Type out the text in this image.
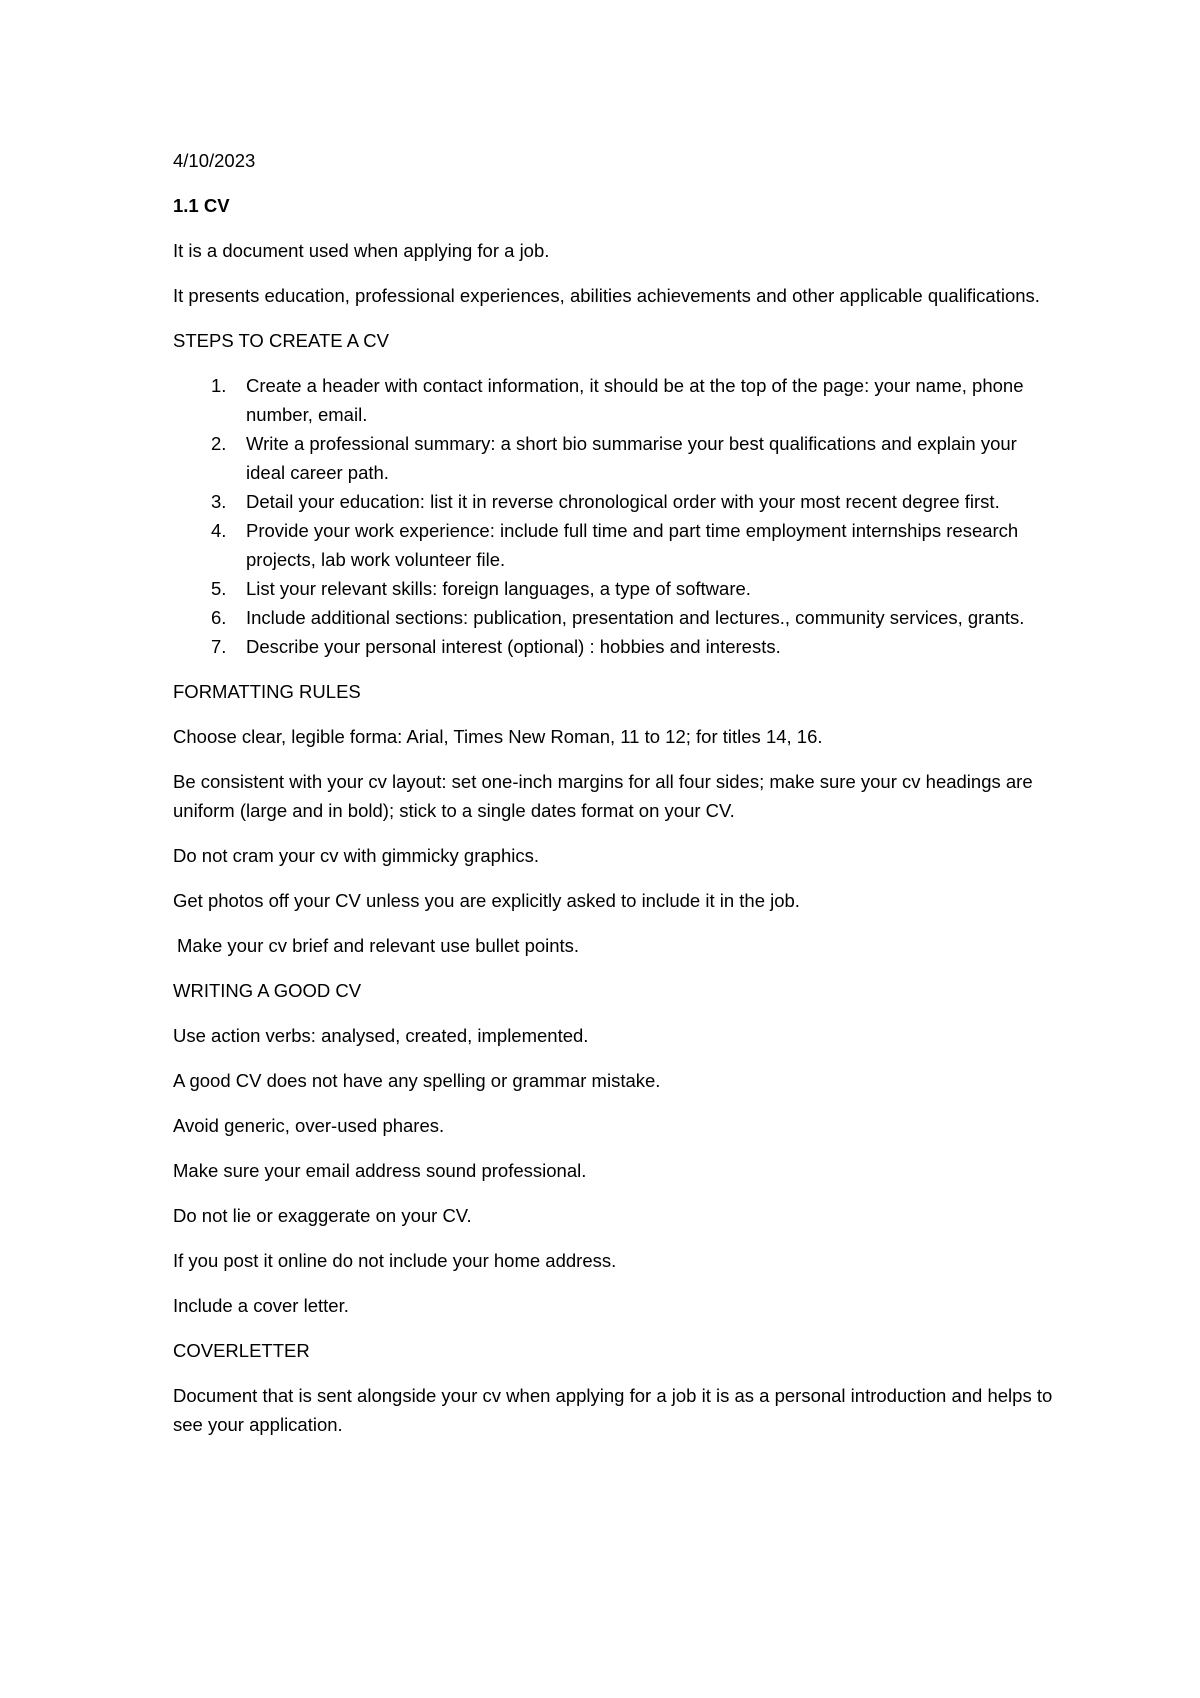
4/10/2023

1.1 CV

It is a document used when applying for a job.

It presents education, professional experiences, abilities achievements and other applicable qualifications.

STEPS TO CREATE A CV

1. Create a header with contact information, it should be at the top of the page: your name, phone number, email.
2. Write a professional summary: a short bio summarise your best qualifications and explain your ideal career path.
3. Detail your education: list it in reverse chronological order with your most recent degree first.
4. Provide your work experience: include full time and part time employment internships research projects, lab work volunteer file.
5. List your relevant skills: foreign languages, a type of software.
6. Include additional sections: publication, presentation and lectures., community services, grants.
7. Describe your personal interest (optional) : hobbies and interests.

FORMATTING RULES

Choose clear, legible forma: Arial, Times New Roman, 11 to 12; for titles 14, 16.

Be consistent with your cv layout: set one-inch margins for all four sides; make sure your cv headings are uniform (large and in bold); stick to a single dates format on your CV.

Do not cram your cv with gimmicky graphics.

Get photos off your CV unless you are explicitly asked to include it in the job.

Make your cv brief and relevant use bullet points.

WRITING A GOOD CV

Use action verbs: analysed, created, implemented.

A good CV does not have any spelling or grammar mistake.

Avoid generic, over-used phares.

Make sure your email address sound professional.

Do not lie or exaggerate on your CV.

If you post it online do not include your home address.

Include a cover letter.

COVERLETTER

Document that is sent alongside your cv when applying for a job it is as a personal introduction and helps to see your application.
